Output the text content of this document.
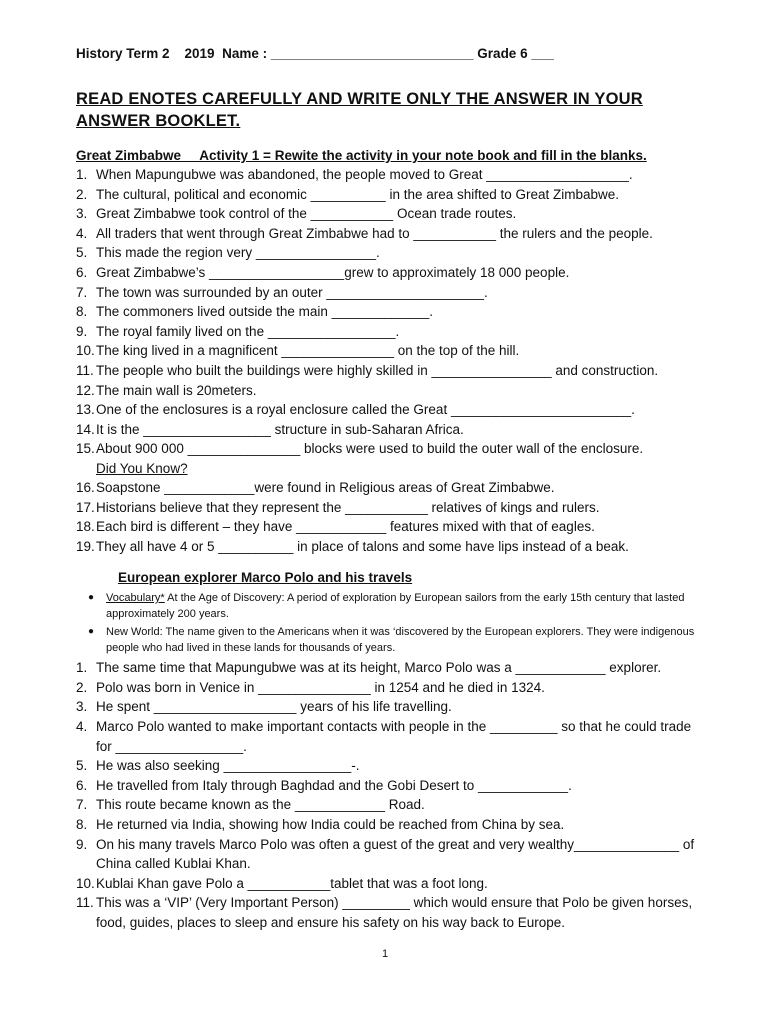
History Term 2    2019  Name : ___________________________ Grade 6 ___
READ ENOTES CAREFULLY AND WRITE ONLY THE ANSWER IN YOUR ANSWER BOOKLET.
Great Zimbabwe     Activity 1 = Rewite the activity in your note book and fill in the blanks.
1. When Mapungubwe was abandoned, the people moved to Great ___________________.
2. The cultural, political and economic __________ in the area shifted to Great Zimbabwe.
3. Great Zimbabwe took control of the ___________ Ocean trade routes.
4. All traders that went through Great Zimbabwe had to ___________ the rulers and the people.
5. This made the region very ________________.
6. Great Zimbabwe’s __________________grew to approximately 18 000 people.
7. The town was surrounded by an outer _____________________.
8. The commoners lived outside the main _____________.
9. The royal family lived on the _________________.
10. The king lived in a magnificent _______________ on the top of the hill.
11. The people who built the buildings were highly skilled in ________________ and construction.
12. The main wall is 20meters.
13. One of the enclosures is a royal enclosure called the Great ________________________.
14. It is the _________________ structure in sub-Saharan Africa.
15. About 900 000 _______________ blocks were used to build the outer wall of the enclosure.
Did You Know?
16. Soapstone ____________were found in Religious areas of Great Zimbabwe.
17. Historians believe that they represent the ___________ relatives of kings and rulers.
18. Each bird is different – they have ____________ features mixed with that of eagles.
19. They all have 4 or 5 __________ in place of talons and some have lips instead of a beak.
European explorer Marco Polo and his travels
●	Vocabulary* At the Age of Discovery: A period of exploration by European sailors from the early 15th century that lasted approximately 200 years.
●	New World: The name given to the Americans when it was ‘discovered by the European explorers. They were indigenous people who had lived in these lands for thousands of years.
1. The same time that Mapungubwe was at its height, Marco Polo was a ____________ explorer.
2. Polo was born in Venice in _______________ in 1254 and he died in 1324.
3. He spent ___________________ years of his life travelling.
4. Marco Polo wanted to make important contacts with people in the _________ so that he could trade for _________________.
5. He was also seeking _________________-.
6. He travelled from Italy through Baghdad and the Gobi Desert to ____________.
7. This route became known as the ____________ Road.
8. He returned via India, showing how India could be reached from China by sea.
9. On his many travels Marco Polo was often a guest of the great and very wealthy______________ of China called Kublai Khan.
10. Kublai Khan gave Polo a ___________tablet that was a foot long.
11. This was a ‘VIP’ (Very Important Person) _________ which would ensure that Polo be given horses, food, guides, places to sleep and ensure his safety on his way back to Europe.
1
